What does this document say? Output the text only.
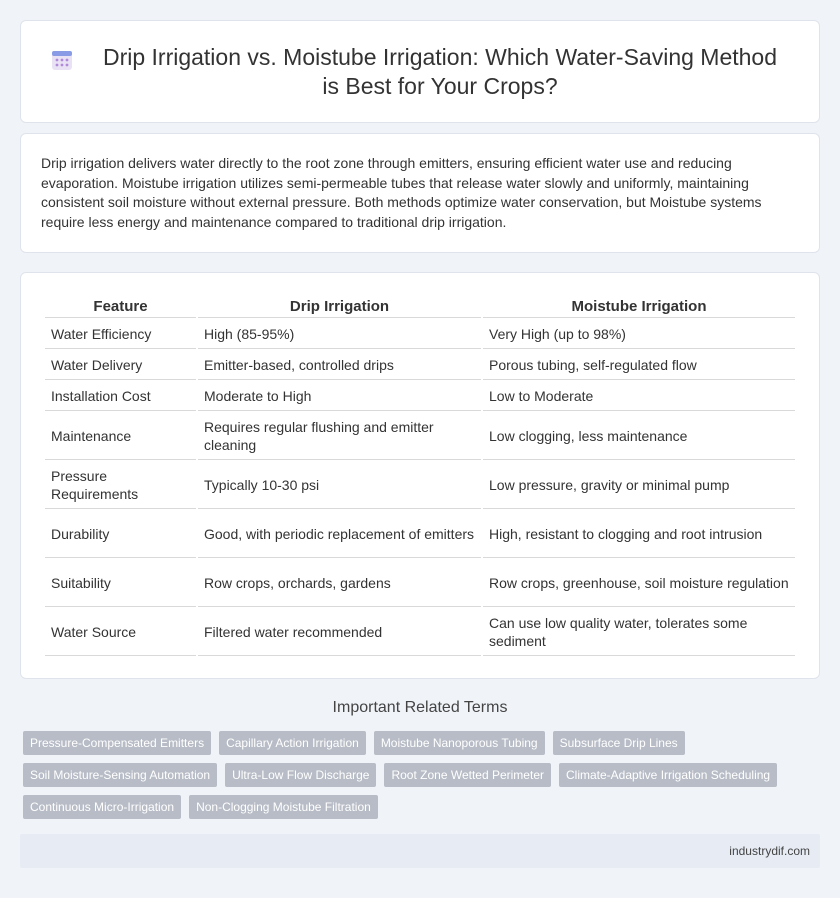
Drip Irrigation vs. Moistube Irrigation: Which Water-Saving Method is Best for Your Crops?

Drip irrigation delivers water directly to the root zone through emitters, ensuring efficient water use and reducing evaporation. Moistube irrigation utilizes semi-permeable tubes that release water slowly and uniformly, maintaining consistent soil moisture without external pressure. Both methods optimize water conservation, but Moistube systems require less energy and maintenance compared to traditional drip irrigation.

Feature	Drip Irrigation	Moistube Irrigation
Water Efficiency	High (85-95%)	Very High (up to 98%)
Water Delivery	Emitter-based, controlled drips	Porous tubing, self-regulated flow
Installation Cost	Moderate to High	Low to Moderate
Maintenance	Requires regular flushing and emitter cleaning	Low clogging, less maintenance
Pressure Requirements	Typically 10-30 psi	Low pressure, gravity or minimal pump
Durability	Good, with periodic replacement of emitters	High, resistant to clogging and root intrusion
Suitability	Row crops, orchards, gardens	Row crops, greenhouse, soil moisture regulation
Water Source	Filtered water recommended	Can use low quality water, tolerates some sediment
Important Related Terms
Pressure-Compensated Emitters	Capillary Action Irrigation	Moistube Nanoporous Tubing	Subsurface Drip Lines
Soil Moisture-Sensing Automation	Ultra-Low Flow Discharge	Root Zone Wetted Perimeter	Climate-Adaptive Irrigation Scheduling
Continuous Micro-Irrigation	Non-Clogging Moistube Filtration
industrydif.com
